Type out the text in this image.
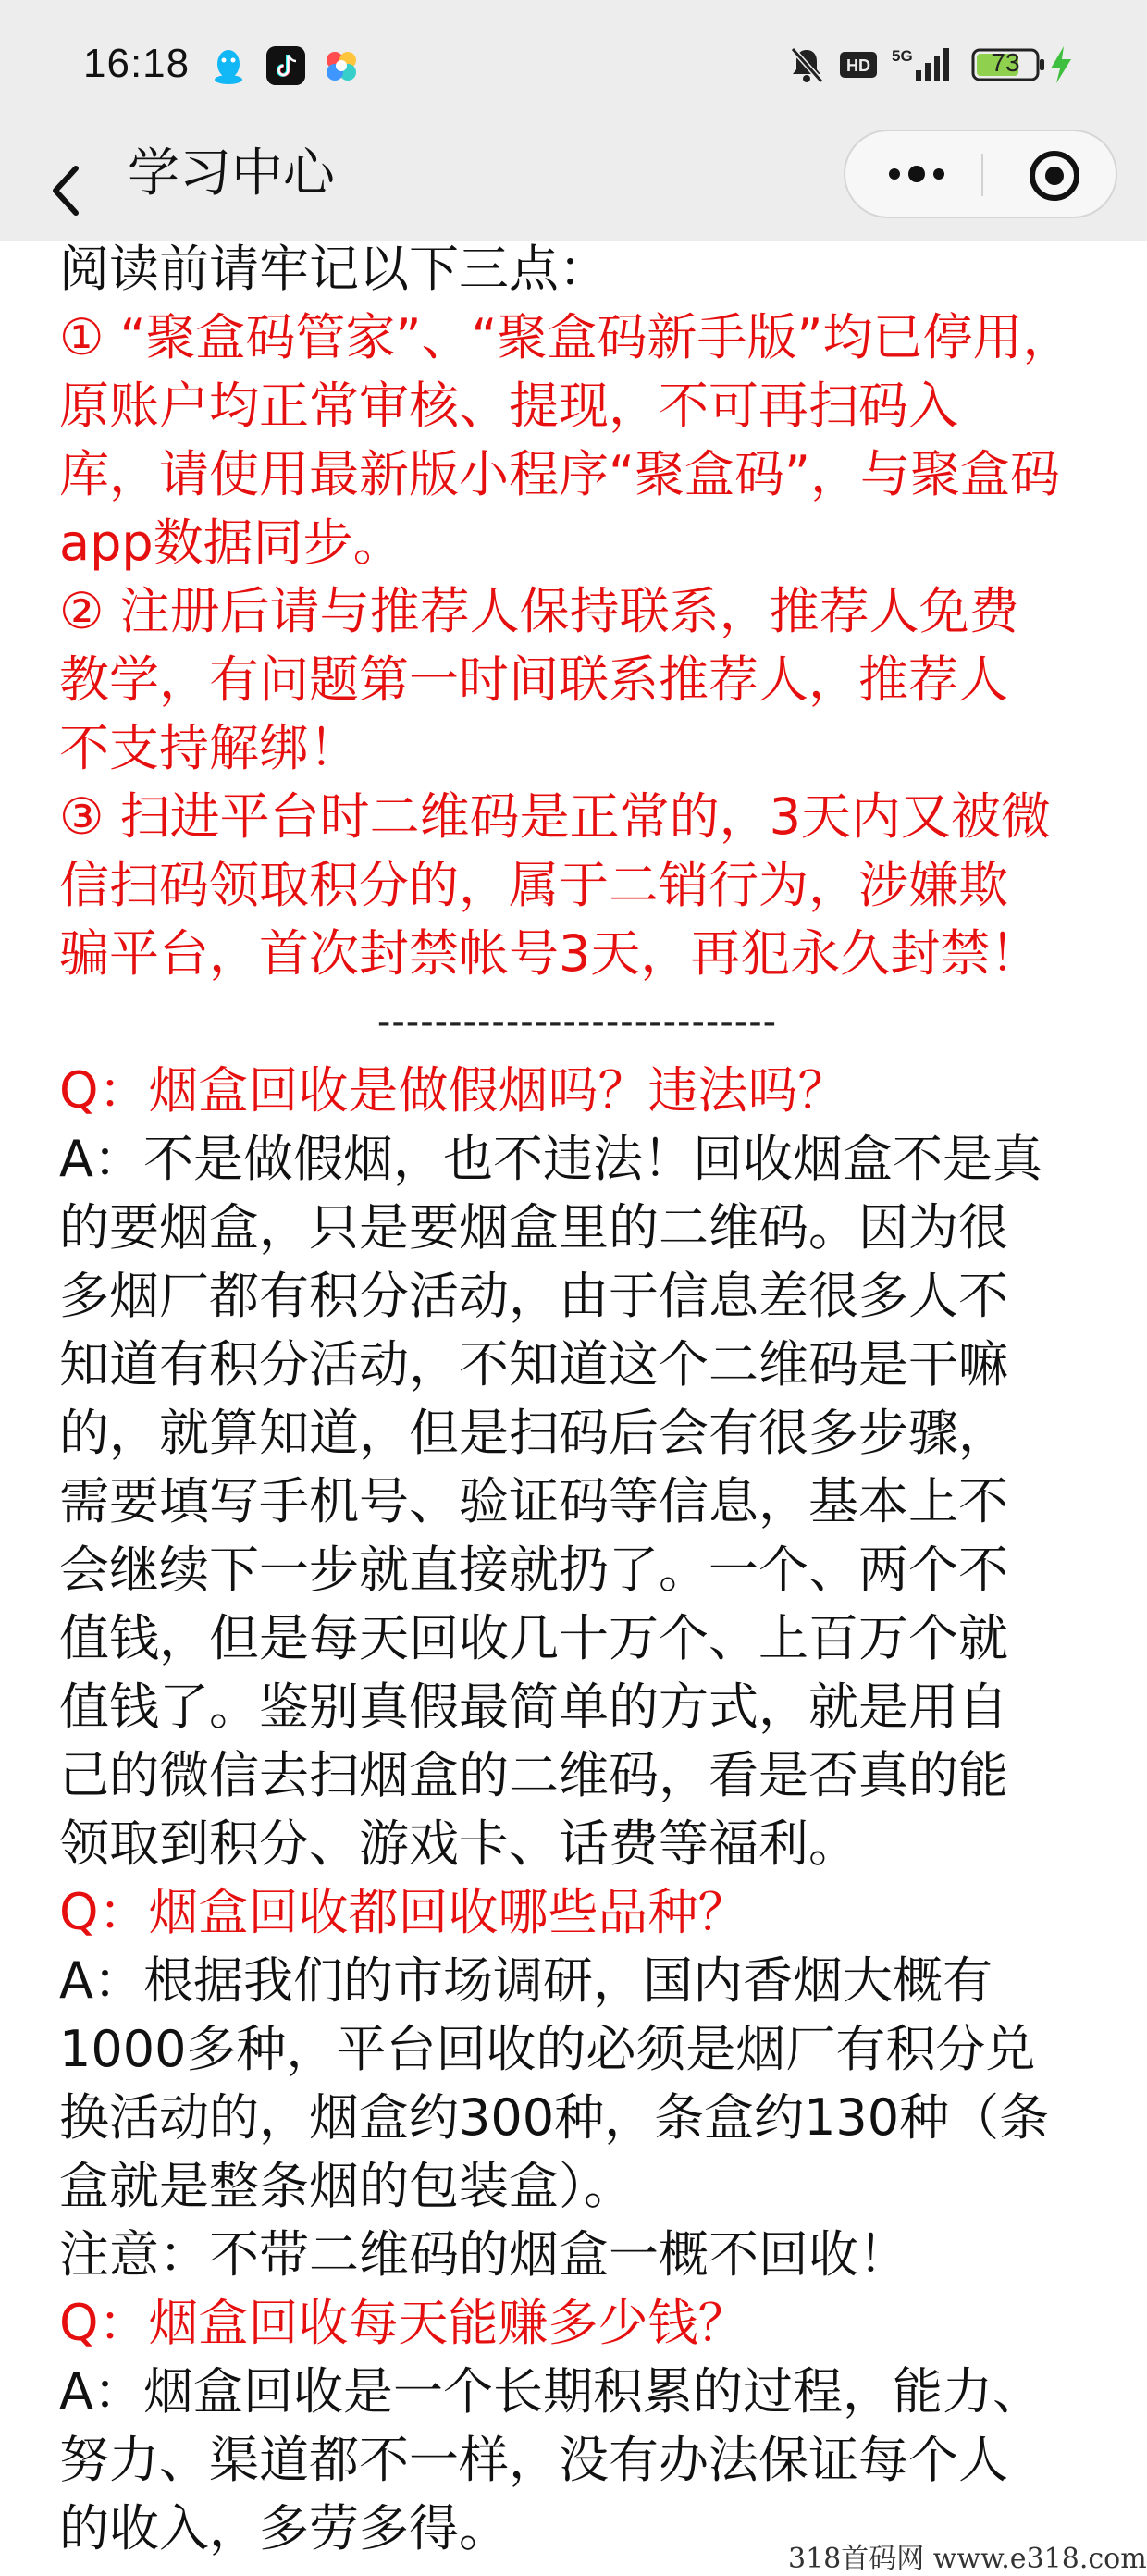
16:18	HD
5G	73
学习中心
阅读前请牢记以下三点：
① “聚盒码管家”、“聚盒码新手版”均已停用，
原账户均正常审核、提现，不可再扫码入
库，请使用最新版小程序“聚盒码”，与聚盒码
app数据同步。
② 注册后请与推荐人保持联系，推荐人免费
教学，有问题第一时间联系推荐人，推荐人
不支持解绑！
③ 扫进平台时二维码是正常的，3天内又被微
信扫码领取积分的，属于二销行为，涉嫌欺
骗平台，首次封禁帐号3天，再犯永久封禁！
----------------------------
Q：烟盒回收是做假烟吗？违法吗？
A：不是做假烟，也不违法！回收烟盒不是真
的要烟盒，只是要烟盒里的二维码。因为很
多烟厂都有积分活动，由于信息差很多人不
知道有积分活动，不知道这个二维码是干嘛
的，就算知道，但是扫码后会有很多步骤，
需要填写手机号、验证码等信息，基本上不
会继续下一步就直接就扔了。一个、两个不
值钱，但是每天回收几十万个、上百万个就
值钱了。鉴别真假最简单的方式，就是用自
己的微信去扫烟盒的二维码，看是否真的能
领取到积分、游戏卡、话费等福利。
Q：烟盒回收都回收哪些品种？
A：根据我们的市场调研，国内香烟大概有
1000多种，平台回收的必须是烟厂有积分兑
换活动的，烟盒约300种，条盒约130种（条
盒就是整条烟的包装盒）。
注意：不带二维码的烟盒一概不回收！
Q：烟盒回收每天能赚多少钱？
A：烟盒回收是一个长期积累的过程，能力、
努力、渠道都不一样，没有办法保证每个人
的收入，多劳多得。
318首码网 www.e318.com
